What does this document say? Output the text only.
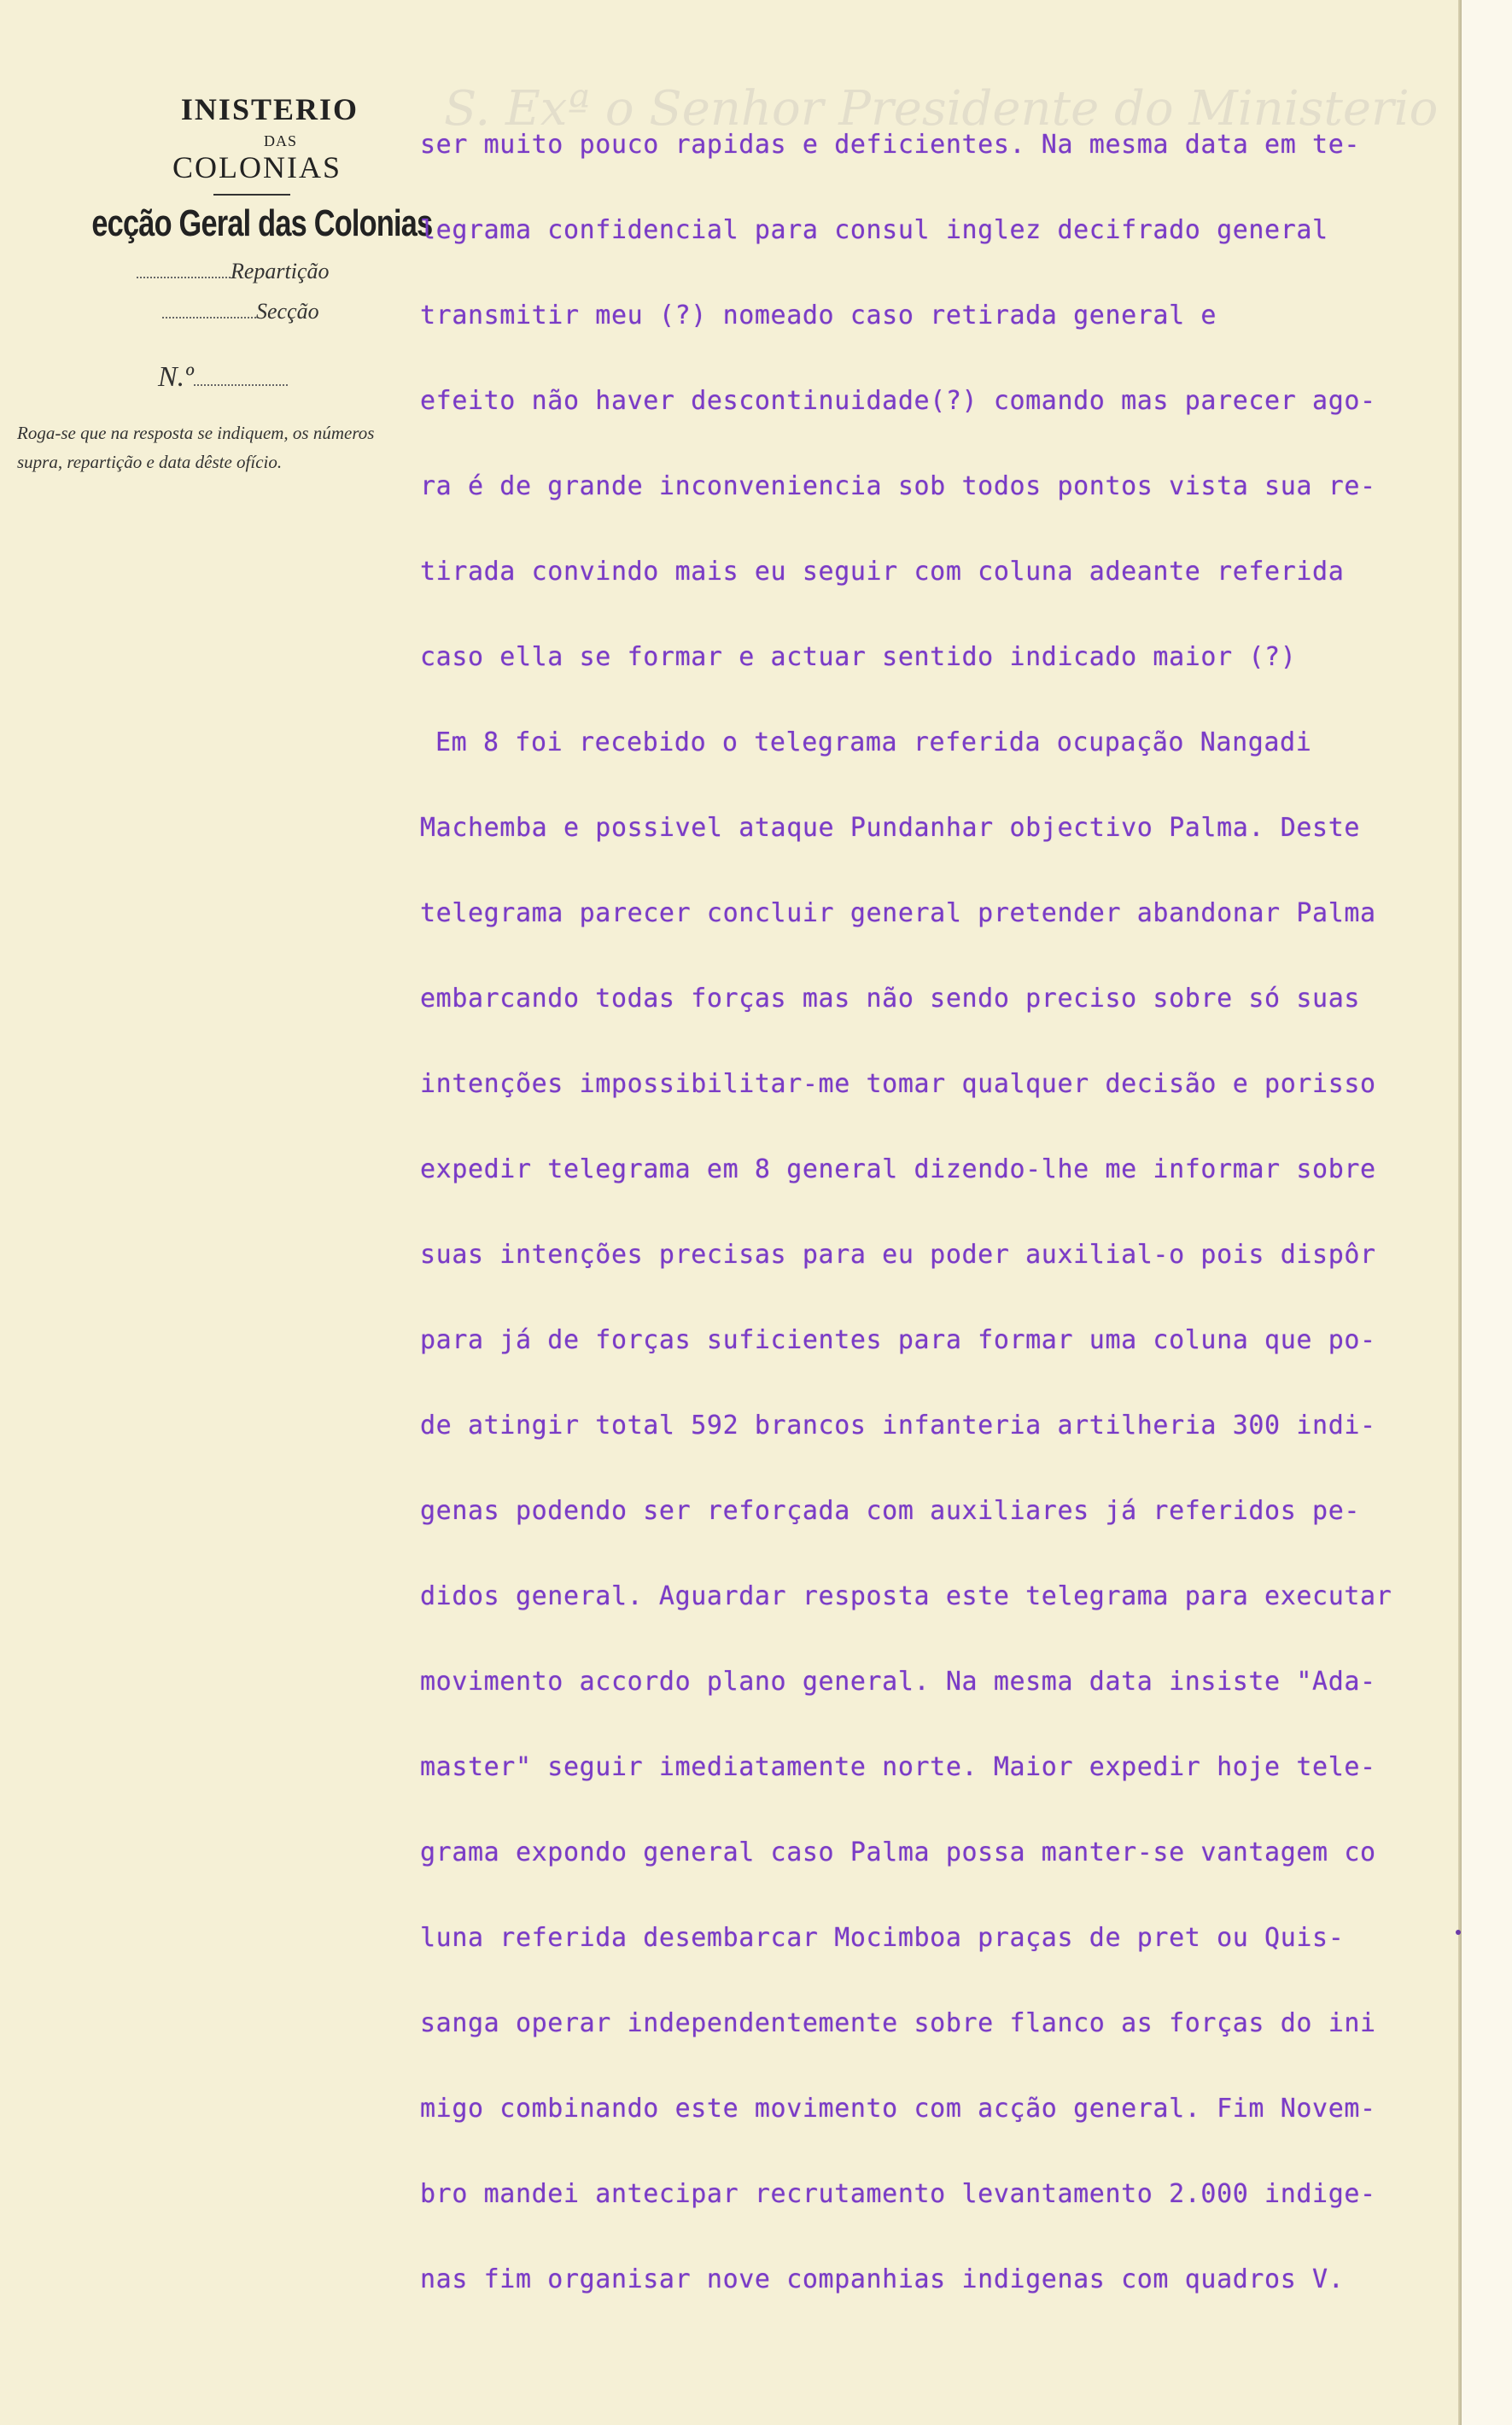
S. Exª o Senhor Presidente do Ministerio
INISTERIO
DAS
COLONIAS
ecção Geral das Colonias
Repartição
Secção
N.º
Roga-se que na resposta se indiquem, os números supra, repartição e data dêste ofício.
ser muito pouco rapidas e deficientes. Na mesma data em te-
legrama confidencial para consul inglez decifrado general
transmitir meu (?) nomeado caso retirada general e
efeito não haver descontinuidade(?) comando mas parecer ago-
ra é de grande inconveniencia sob todos pontos vista sua re-
tirada convindo mais eu seguir com coluna adeante referida
caso ella se formar e actuar sentido indicado maior (?)
Em 8 foi recebido o telegrama referida ocupação Nangadi
Machemba e possivel ataque Pundanhar objectivo Palma. Deste
telegrama parecer concluir general pretender abandonar Palma
embarcando todas forças mas não sendo preciso sobre só suas
intenções impossibilitar-me tomar qualquer decisão e porisso
expedir telegrama em 8 general dizendo-lhe me informar sobre
suas intenções precisas para eu poder auxilial-o pois dispôr
para já de forças suficientes para formar uma coluna que po-
de atingir total 592 brancos infanteria artilheria 300 indi-
genas podendo ser reforçada com auxiliares já referidos pe-
didos general. Aguardar resposta este telegrama para executar
movimento accordo plano general. Na mesma data insiste "Ada-
master" seguir imediatamente norte. Maior expedir hoje tele-
grama expondo general caso Palma possa manter-se vantagem co
luna referida desembarcar Mocimboa praças de pret ou Quis-
sanga operar independentemente sobre flanco as forças do ini
migo combinando este movimento com acção general. Fim Novem-
bro mandei antecipar recrutamento levantamento 2.000 indige-
nas fim organisar nove companhias indigenas com quadros V.
